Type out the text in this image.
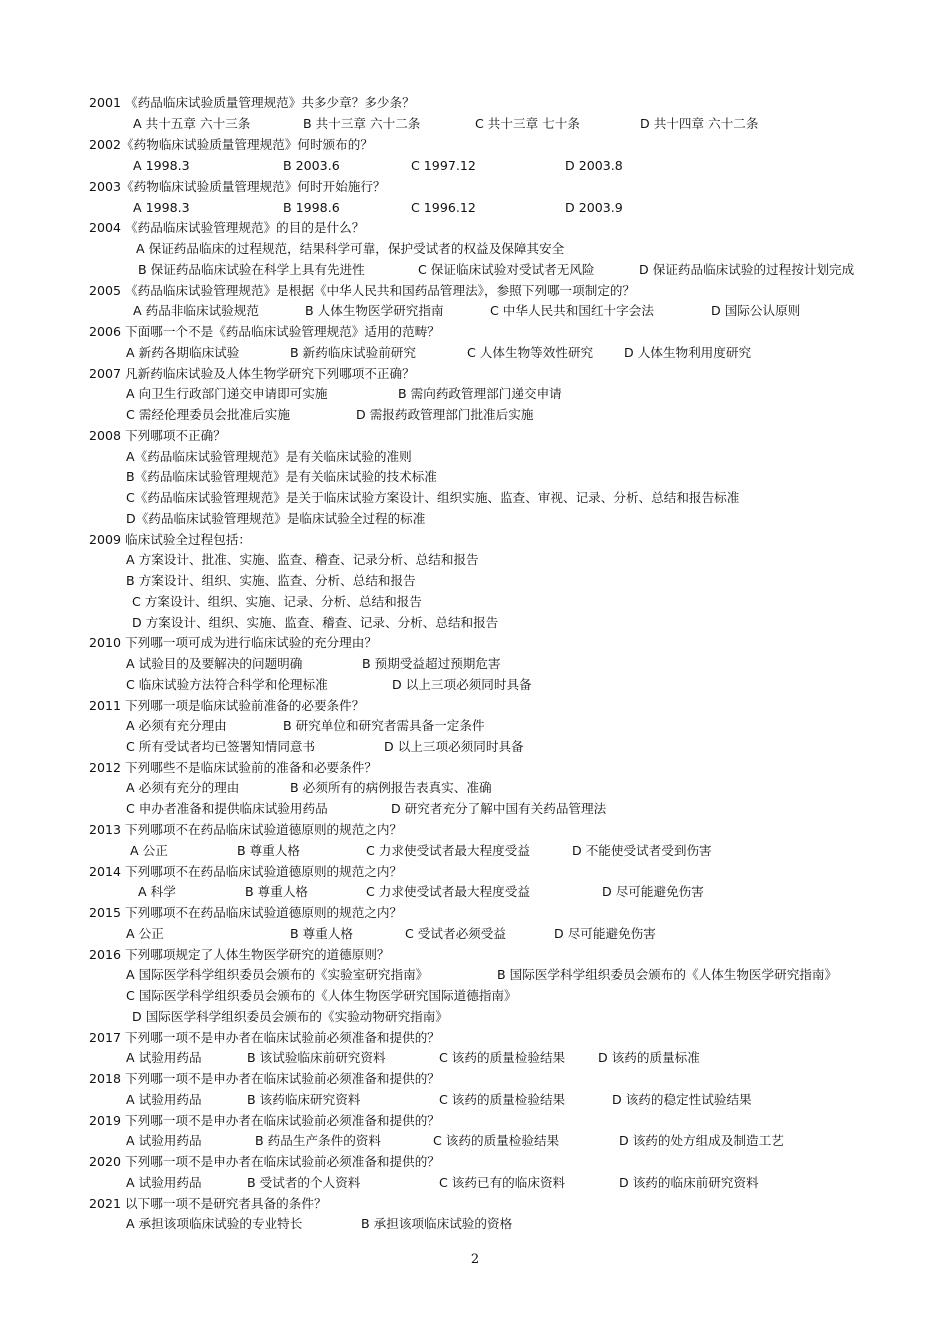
2001 《药品临床试验质量管理规范》共多少章？多少条？
A 共十五章 六十三条	B 共十三章 六十二条	C 共十三章 七十条	D 共十四章 六十二条
2002《药物临床试验质量管理规范》何时颁布的？
A 1998.3	B 2003.6	C 1997.12	D 2003.8
2003《药物临床试验质量管理规范》何时开始施行？
A 1998.3	B 1998.6	C 1996.12	D 2003.9
2004 《药品临床试验管理规范》的目的是什么？
A 保证药品临床的过程规范，结果科学可靠，保护受试者的权益及保障其安全
B 保证药品临床试验在科学上具有先进性	C 保证临床试验对受试者无风险	D 保证药品临床试验的过程按计划完成
2005 《药品临床试验管理规范》是根据《中华人民共和国药品管理法》，参照下列哪一项制定的？
A 药品非临床试验规范	B 人体生物医学研究指南	C 中华人民共和国红十字会法	D 国际公认原则
2006 下面哪一个不是《药品临床试验管理规范》适用的范畴？
A 新药各期临床试验	B 新药临床试验前研究	C 人体生物等效性研究 D 人体生物利用度研究
2007 凡新药临床试验及人体生物学研究下列哪项不正确？
A 向卫生行政部门递交申请即可实施	B 需向药政管理部门递交申请
C 需经伦理委员会批准后实施	D 需报药政管理部门批准后实施
2008 下列哪项不正确？
A《药品临床试验管理规范》是有关临床试验的准则
B《药品临床试验管理规范》是有关临床试验的技术标准
C《药品临床试验管理规范》是关于临床试验方案设计、组织实施、监查、审视、记录、分析、总结和报告标准
D《药品临床试验管理规范》是临床试验全过程的标准
2009 临床试验全过程包括：
A 方案设计、批准、实施、监查、稽查、记录分析、总结和报告
B 方案设计、组织、实施、监查、分析、总结和报告
C 方案设计、组织、实施、记录、分析、总结和报告
D 方案设计、组织、实施、监查、稽查、记录、分析、总结和报告
2010 下列哪一项可成为进行临床试验的充分理由？
A 试验目的及要解决的问题明确	B 预期受益超过预期危害
C 临床试验方法符合科学和伦理标准	D 以上三项必须同时具备
2011 下列哪一项是临床试验前准备的必要条件？
A 必须有充分理由	B 研究单位和研究者需具备一定条件
C 所有受试者均已签署知情同意书	D 以上三项必须同时具备
2012 下列哪些不是临床试验前的准备和必要条件？
A 必须有充分的理由	B 必须所有的病例报告表真实、准确
C 申办者准备和提供临床试验用药品	D 研究者充分了解中国有关药品管理法
2013 下列哪项不在药品临床试验道德原则的规范之内？
A 公正	B 尊重人格	C 力求使受试者最大程度受益	D 不能使受试者受到伤害
2014 下列哪项不在药品临床试验道德原则的规范之内？
A 科学	B 尊重人格	C 力求使受试者最大程度受益	D 尽可能避免伤害
2015 下列哪项不在药品临床试验道德原则的规范之内？
A 公正	B 尊重人格	C 受试者必须受益	D 尽可能避免伤害
2016 下列哪项规定了人体生物医学研究的道德原则？
A 国际医学科学组织委员会颁布的《实验室研究指南》	B 国际医学科学组织委员会颁布的《人体生物医学研究指南》
C 国际医学科学组织委员会颁布的《人体生物医学研究国际道德指南》
D 国际医学科学组织委员会颁布的《实验动物研究指南》
2017 下列哪一项不是申办者在临床试验前必须准备和提供的？
A 试验用药品	B 该试验临床前研究资料	C 该药的质量检验结果	D 该药的质量标准
2018 下列哪一项不是申办者在临床试验前必须准备和提供的？
A 试验用药品	B 该药临床研究资料	C 该药的质量检验结果	D 该药的稳定性试验结果
2019 下列哪一项不是申办者在临床试验前必须准备和提供的？
A 试验用药品	B 药品生产条件的资料	C 该药的质量检验结果	D 该药的处方组成及制造工艺
2020 下列哪一项不是申办者在临床试验前必须准备和提供的？
A 试验用药品	B 受试者的个人资料	C 该药已有的临床资料	D 该药的临床前研究资料
2021 以下哪一项不是研究者具备的条件？
A 承担该项临床试验的专业特长	B 承担该项临床试验的资格
2
